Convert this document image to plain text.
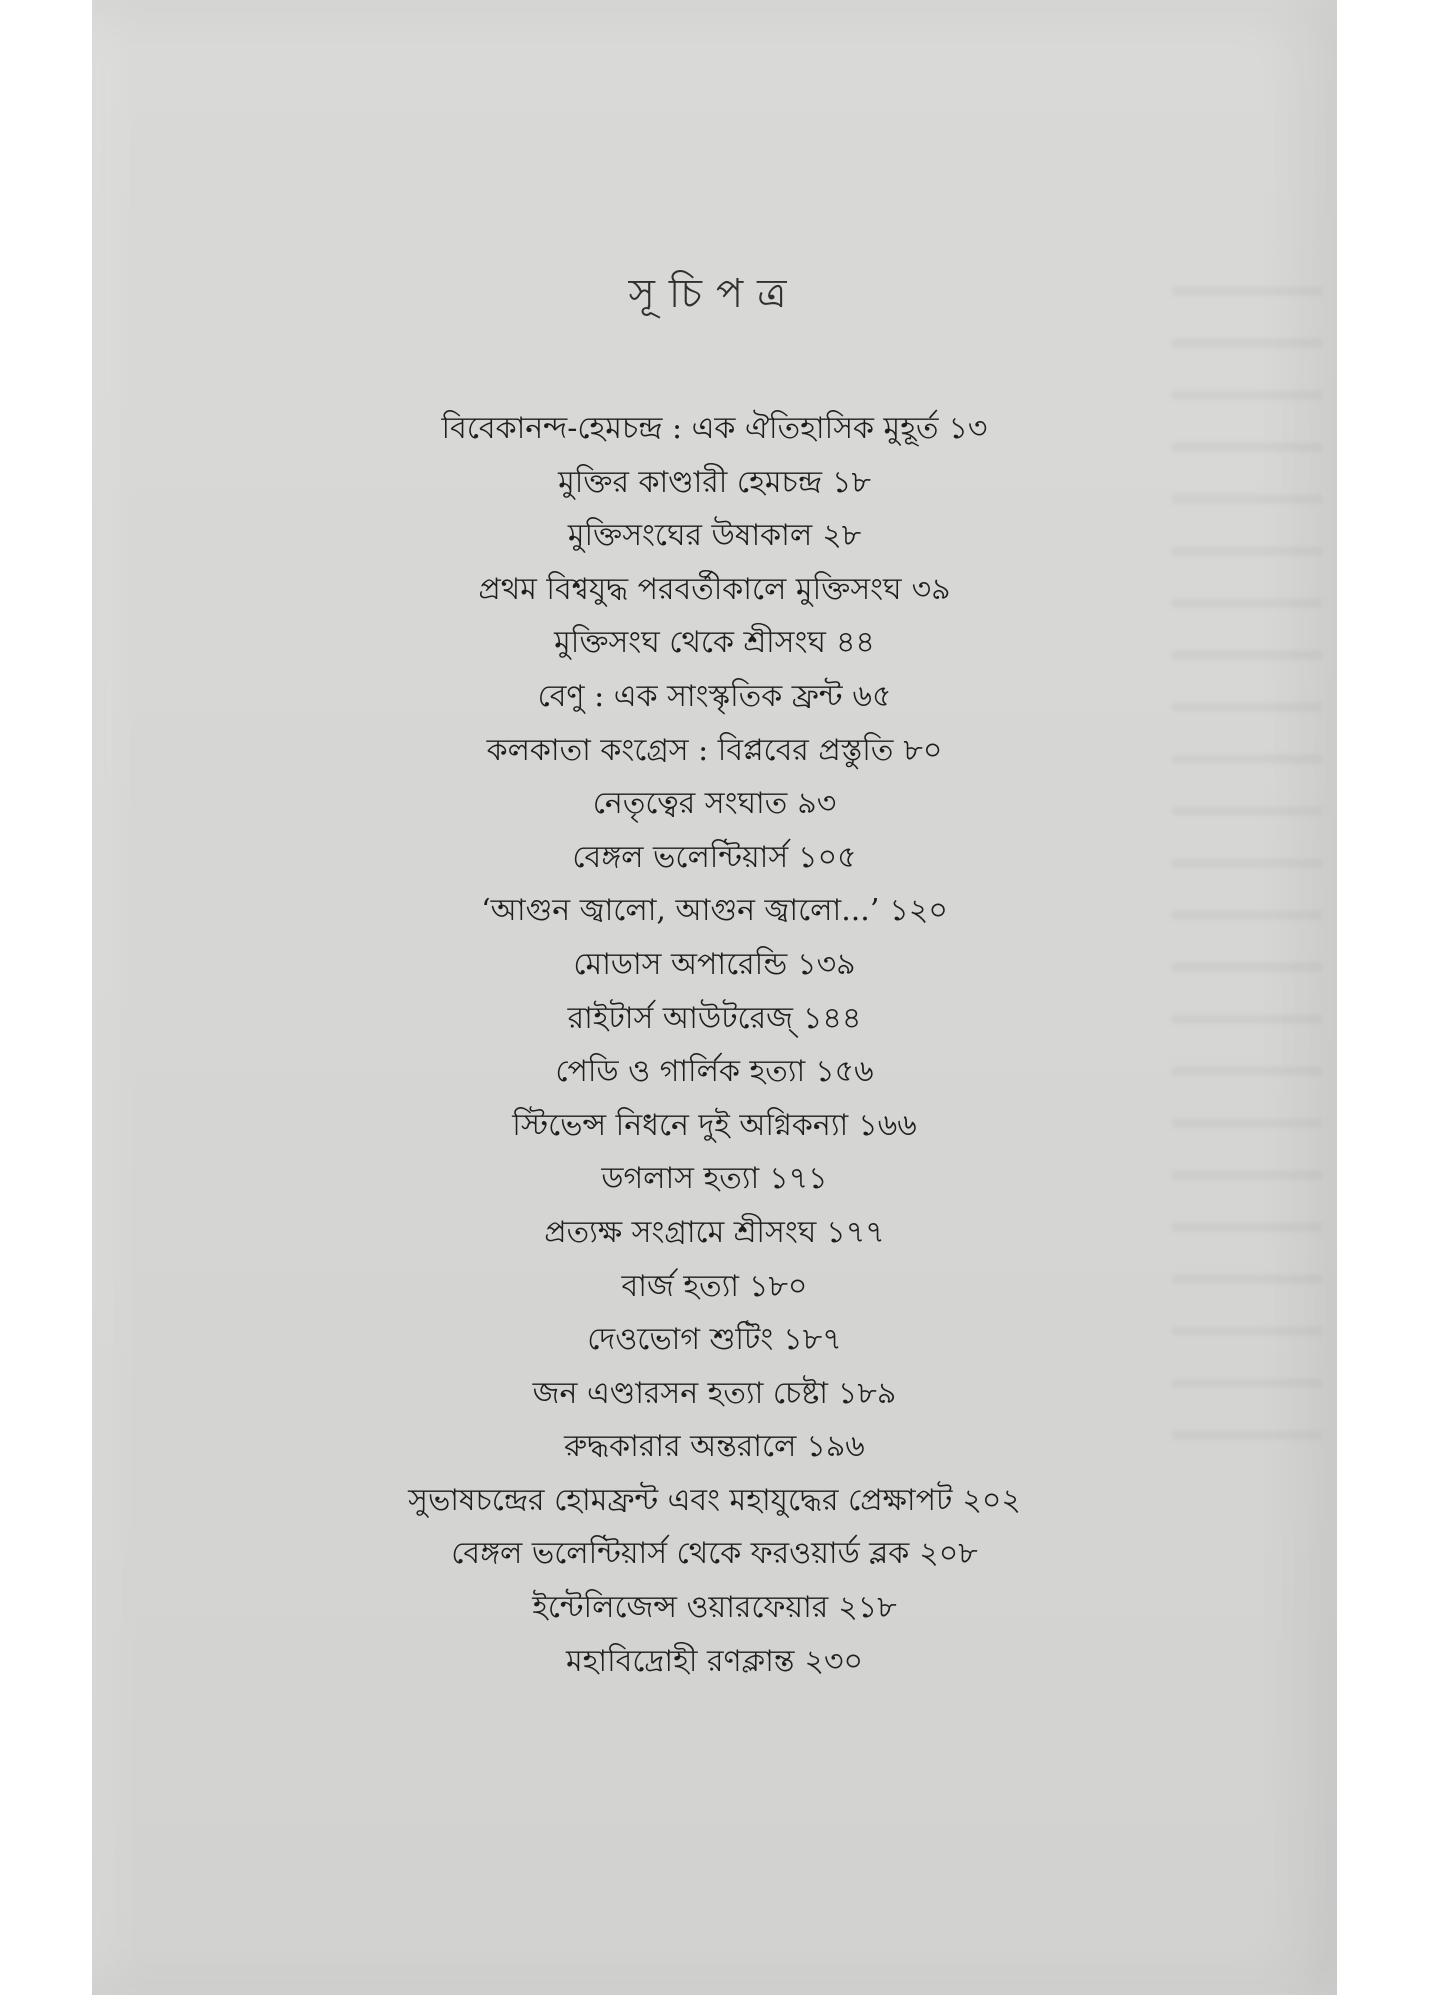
সূচিপত্র
বিবেকানন্দ-হেমচন্দ্র : এক ঐতিহাসিক মুহূর্ত ১৩
মুক্তির কাণ্ডারী হেমচন্দ্র ১৮
মুক্তিসংঘের উষাকাল ২৮
প্রথম বিশ্বযুদ্ধ পরবর্তীকালে মুক্তিসংঘ ৩৯
মুক্তিসংঘ থেকে শ্রীসংঘ ৪৪
বেণু : এক সাংস্কৃতিক ফ্রন্ট ৬৫
কলকাতা কংগ্রেস : বিপ্লবের প্রস্তুতি ৮০
নেতৃত্বের সংঘাত ৯৩
বেঙ্গল ভলেন্টিয়ার্স ১০৫
‘আগুন জ্বালো, আগুন জ্বালো...’ ১২০
মোডাস অপারেন্ডি ১৩৯
রাইটার্স আউটরেজ্ ১৪৪
পেডি ও গার্লিক হত্যা ১৫৬
স্টিভেন্স নিধনে দুই অগ্নিকন্যা ১৬৬
ডগলাস হত্যা ১৭১
প্রত্যক্ষ সংগ্রামে শ্রীসংঘ ১৭৭
বার্জ হত্যা ১৮০
দেওভোগ শুটিং ১৮৭
জন এণ্ডারসন হত্যা চেষ্টা ১৮৯
রুদ্ধকারার অন্তরালে ১৯৬
সুভাষচন্দ্রের হোমফ্রন্ট এবং মহাযুদ্ধের প্রেক্ষাপট ২০২
বেঙ্গল ভলেন্টিয়ার্স থেকে ফরওয়ার্ড ব্লক ২০৮
ইন্টেলিজেন্স ওয়ারফেয়ার ২১৮
মহাবিদ্রোহী রণক্লান্ত ২৩০
